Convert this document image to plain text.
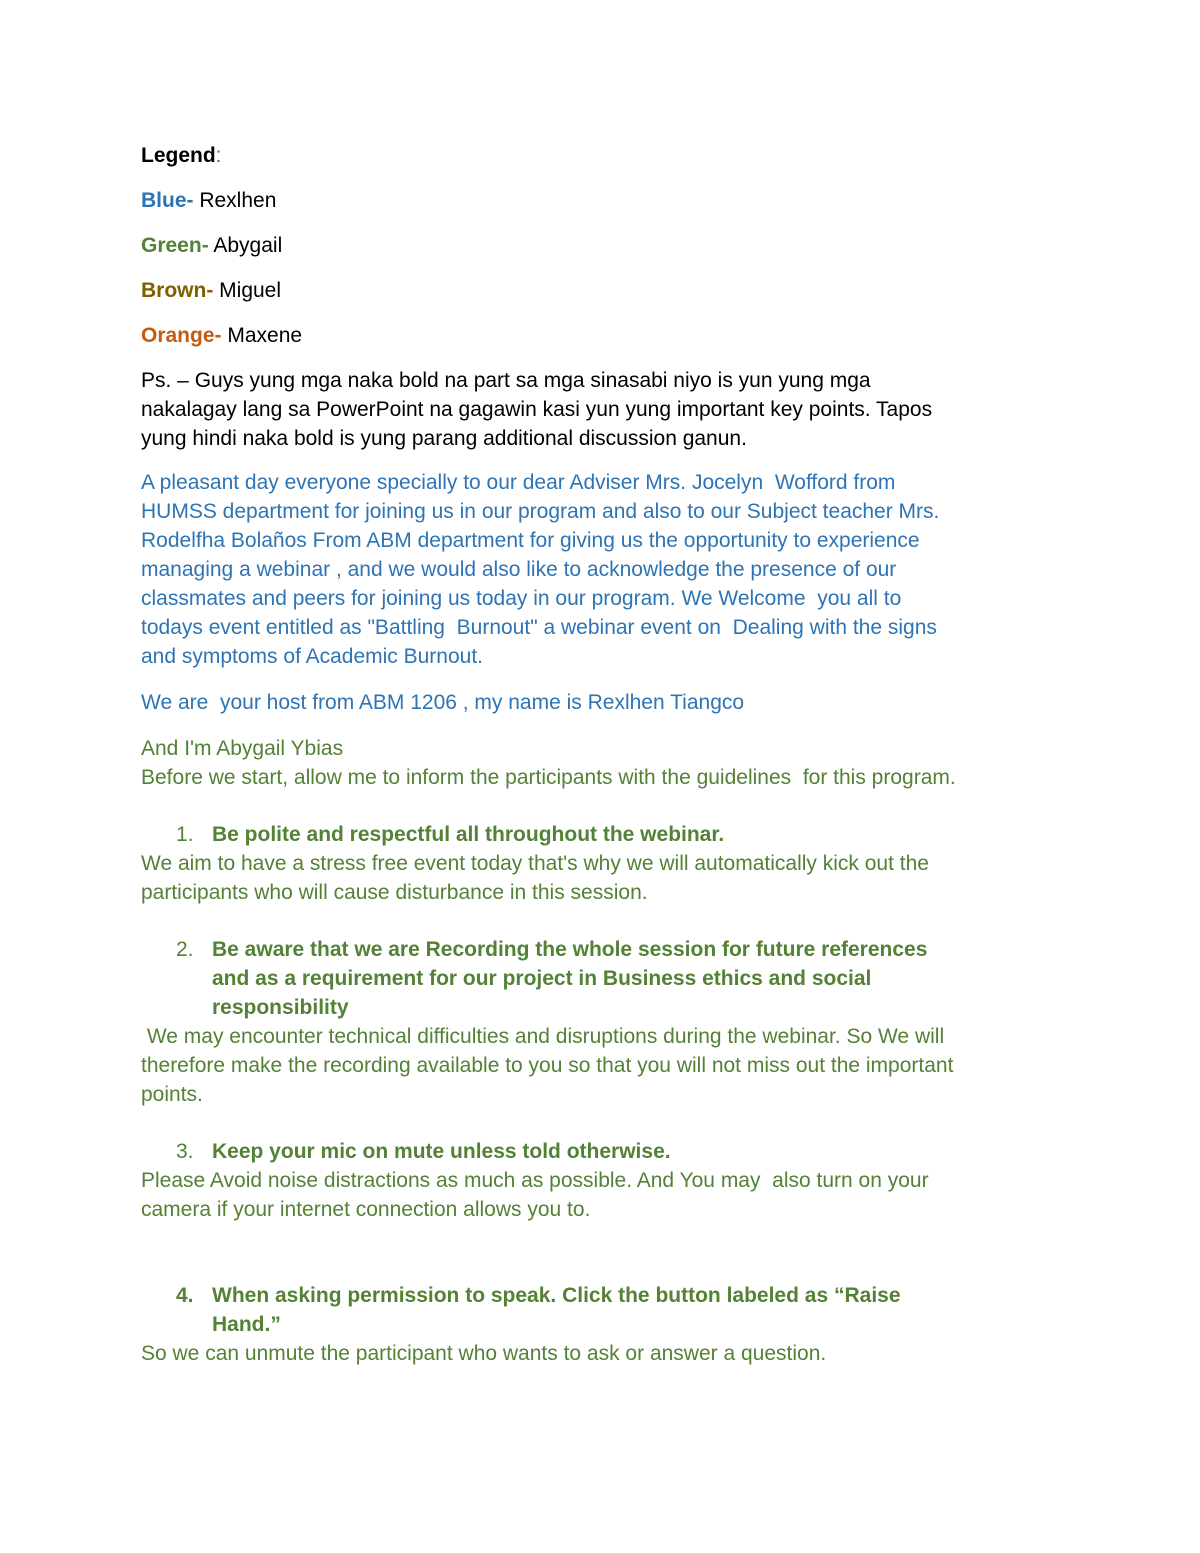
Legend:
Blue- Rexlhen
Green- Abygail
Brown- Miguel
Orange- Maxene
Ps. – Guys yung mga naka bold na part sa mga sinasabi niyo is yun yung mga
nakalagay lang sa PowerPoint na gagawin kasi yun yung important key points. Tapos
yung hindi naka bold is yung parang additional discussion ganun.
A pleasant day everyone specially to our dear Adviser Mrs. Jocelyn  Wofford from
HUMSS department for joining us in our program and also to our Subject teacher Mrs.
Rodelfha Bolaños From ABM department for giving us the opportunity to experience
managing a webinar , and we would also like to acknowledge the presence of our
classmates and peers for joining us today in our program. We Welcome  you all to
todays event entitled as "Battling  Burnout" a webinar event on  Dealing with the signs
and symptoms of Academic Burnout.
We are  your host from ABM 1206 , my name is Rexlhen Tiangco
And I'm Abygail Ybias
Before we start, allow me to inform the participants with the guidelines  for this program.
1. Be polite and respectful all throughout the webinar.
We aim to have a stress free event today that's why we will automatically kick out the
participants who will cause disturbance in this session.
2. Be aware that we are Recording the whole session for future references
and as a requirement for our project in Business ethics and social
responsibility
We may encounter technical difficulties and disruptions during the webinar. So We will
therefore make the recording available to you so that you will not miss out the important
points.
3. Keep your mic on mute unless told otherwise.
Please Avoid noise distractions as much as possible. And You may  also turn on your
camera if your internet connection allows you to.
4. When asking permission to speak. Click the button labeled as “Raise
Hand.”
So we can unmute the participant who wants to ask or answer a question.
